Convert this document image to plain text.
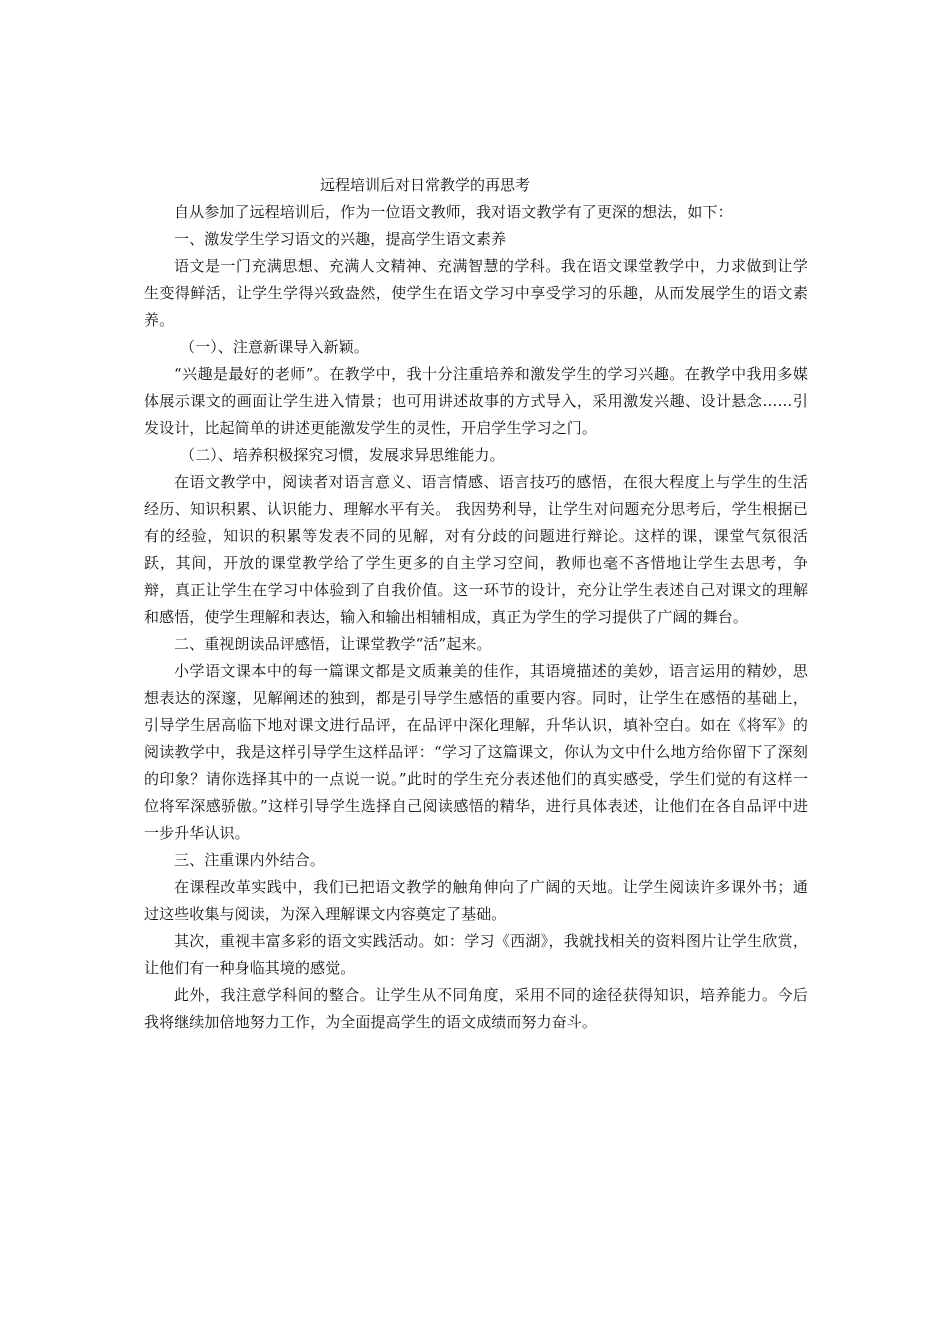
远程培训后对日常教学的再思考

自从参加了远程培训后，作为一位语文教师，我对语文教学有了更深的想法，如下：

一、激发学生学习语文的兴趣，提高学生语文素养

语文是一门充满思想、充满人文精神、充满智慧的学科。我在语文课堂教学中，力求做到让学生变得鲜活，让学生学得兴致盎然，使学生在语文学习中享受学习的乐趣，从而发展学生的语文素养。

（一）、注意新课导入新颖。

“兴趣是最好的老师”。在教学中，我十分注重培养和激发学生的学习兴趣。在教学中我用多媒体展示课文的画面让学生进入情景；也可用讲述故事的方式导入，采用激发兴趣、设计悬念……引发设计，比起简单的讲述更能激发学生的灵性，开启学生学习之门。

（二）、培养积极探究习惯，发展求异思维能力。

在语文教学中，阅读者对语言意义、语言情感、语言技巧的感悟，在很大程度上与学生的生活经历、知识积累、认识能力、理解水平有关。 我因势利导，让学生对问题充分思考后，学生根据已有的经验，知识的积累等发表不同的见解，对有分歧的问题进行辩论。这样的课，课堂气氛很活跃，其间，开放的课堂教学给了学生更多的自主学习空间，教师也毫不吝惜地让学生去思考，争辩，真正让学生在学习中体验到了自我价值。这一环节的设计，充分让学生表述自己对课文的理解和感悟，使学生理解和表达，输入和输出相辅相成，真正为学生的学习提供了广阔的舞台。

二、重视朗读品评感悟，让课堂教学“活”起来。

小学语文课本中的每一篇课文都是文质兼美的佳作，其语境描述的美妙，语言运用的精妙，思想表达的深邃，见解阐述的独到，都是引导学生感悟的重要内容。同时，让学生在感悟的基础上，引导学生居高临下地对课文进行品评，在品评中深化理解，升华认识，填补空白。如在《将军》的阅读教学中，我是这样引导学生这样品评：“学习了这篇课文，你认为文中什么地方给你留下了深刻的印象？请你选择其中的一点说一说。”此时的学生充分表述他们的真实感受，学生们觉的有这样一位将军深感骄傲。”这样引导学生选择自己阅读感悟的精华，进行具体表述，让他们在各自品评中进一步升华认识。

三、注重课内外结合。

在课程改革实践中，我们已把语文教学的触角伸向了广阔的天地。让学生阅读许多课外书；通过这些收集与阅读，为深入理解课文内容奠定了基础。

其次，重视丰富多彩的语文实践活动。如：学习《西湖》，我就找相关的资料图片让学生欣赏，让他们有一种身临其境的感觉。

此外，我注意学科间的整合。让学生从不同角度，采用不同的途径获得知识，培养能力。今后我将继续加倍地努力工作，为全面提高学生的语文成绩而努力奋斗。
